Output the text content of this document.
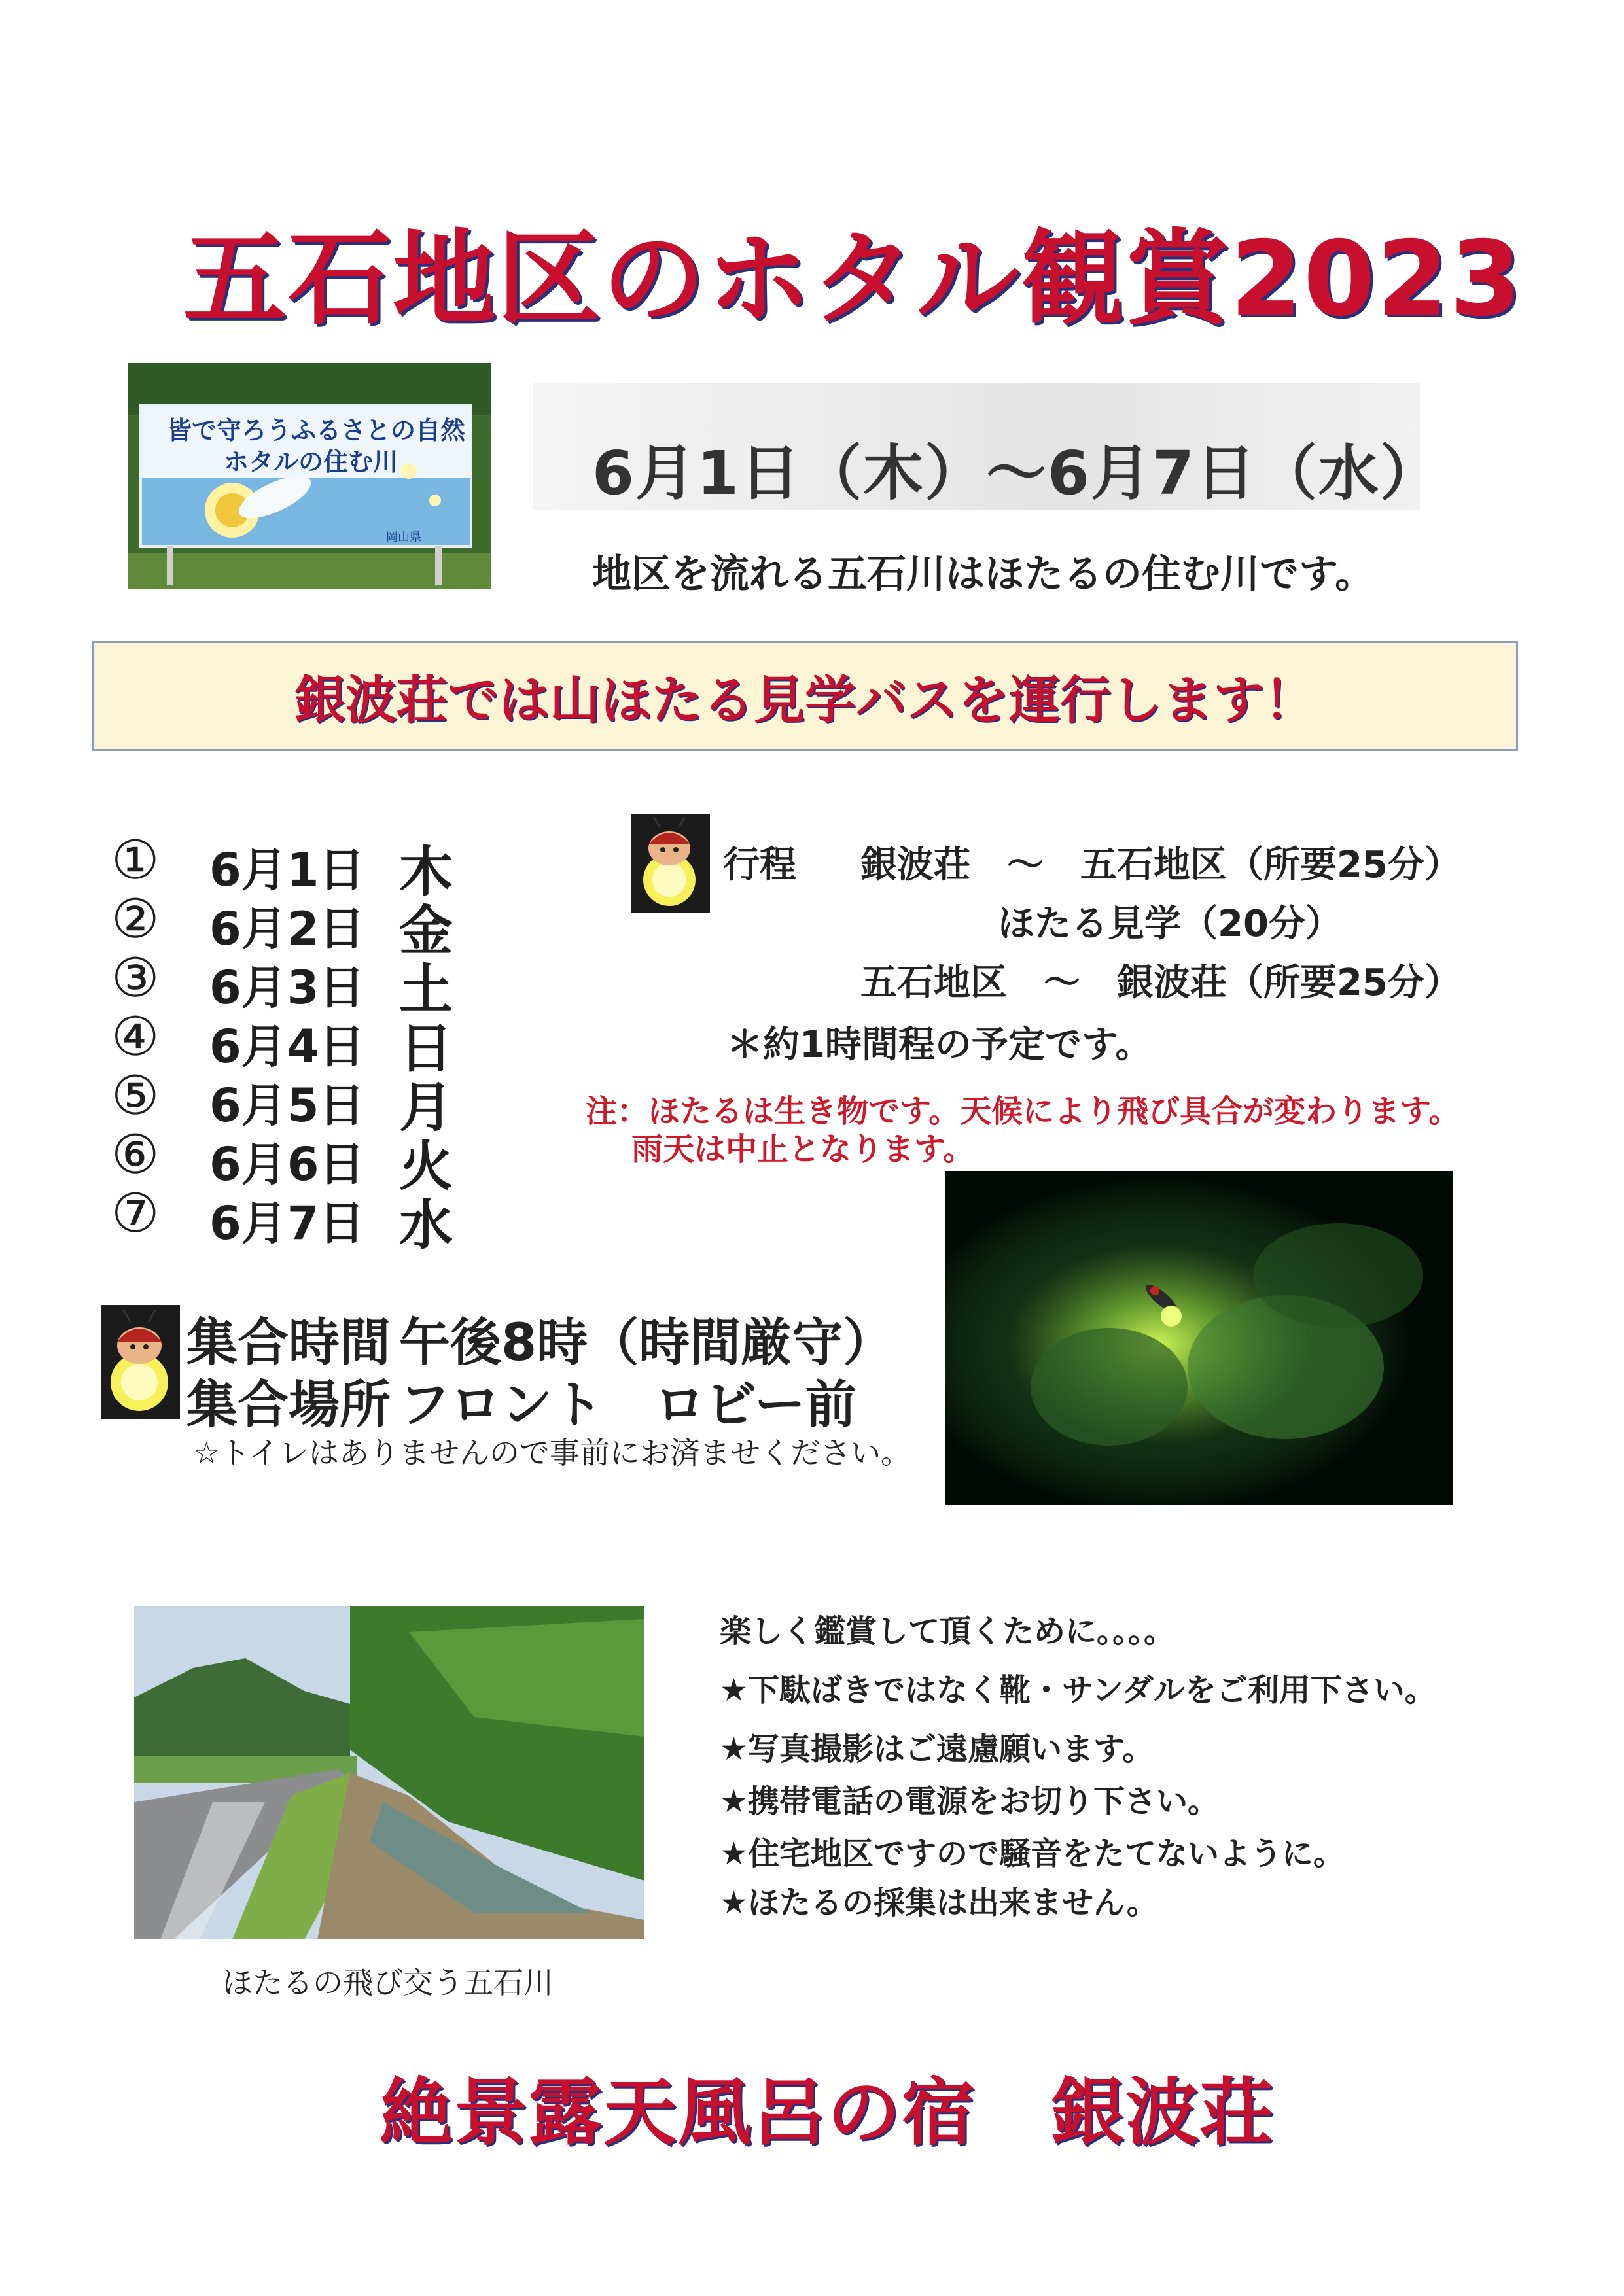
五石地区のホタル観賞2023
皆で守ろうふるさとの自然
ホタルの住む川
岡山県
6月1日（木）～6月7日（水）
地区を流れる五石川はほたるの住む川です。
銀波荘では山ほたる見学バスを運行します！
① 6月1日 木
② 6月2日 金
③ 6月3日 土
④ 6月4日 日
⑤ 6月5日 月
⑥ 6月6日 火
⑦ 6月7日 水
行程 銀波荘　～　五石地区（所要25分）
ほたる見学（20分）
五石地区　～　銀波荘（所要25分）
＊約1時間程の予定です。
注：ほたるは生き物です。天候により飛び具合が変わります。
雨天は中止となります。
集合時間 午後8時（時間厳守）
集合場所 フロント　ロビー前
☆トイレはありませんので事前にお済ませください。
ほたるの飛び交う五石川
楽しく鑑賞して頂くために。。。。
★下駄ばきではなく靴・サンダルをご利用下さい。
★写真撮影はご遠慮願います。
★携帯電話の電源をお切り下さい。
★住宅地区ですので騒音をたてないように。
★ほたるの採集は出来ません。
絶景露天風呂の宿　銀波荘
